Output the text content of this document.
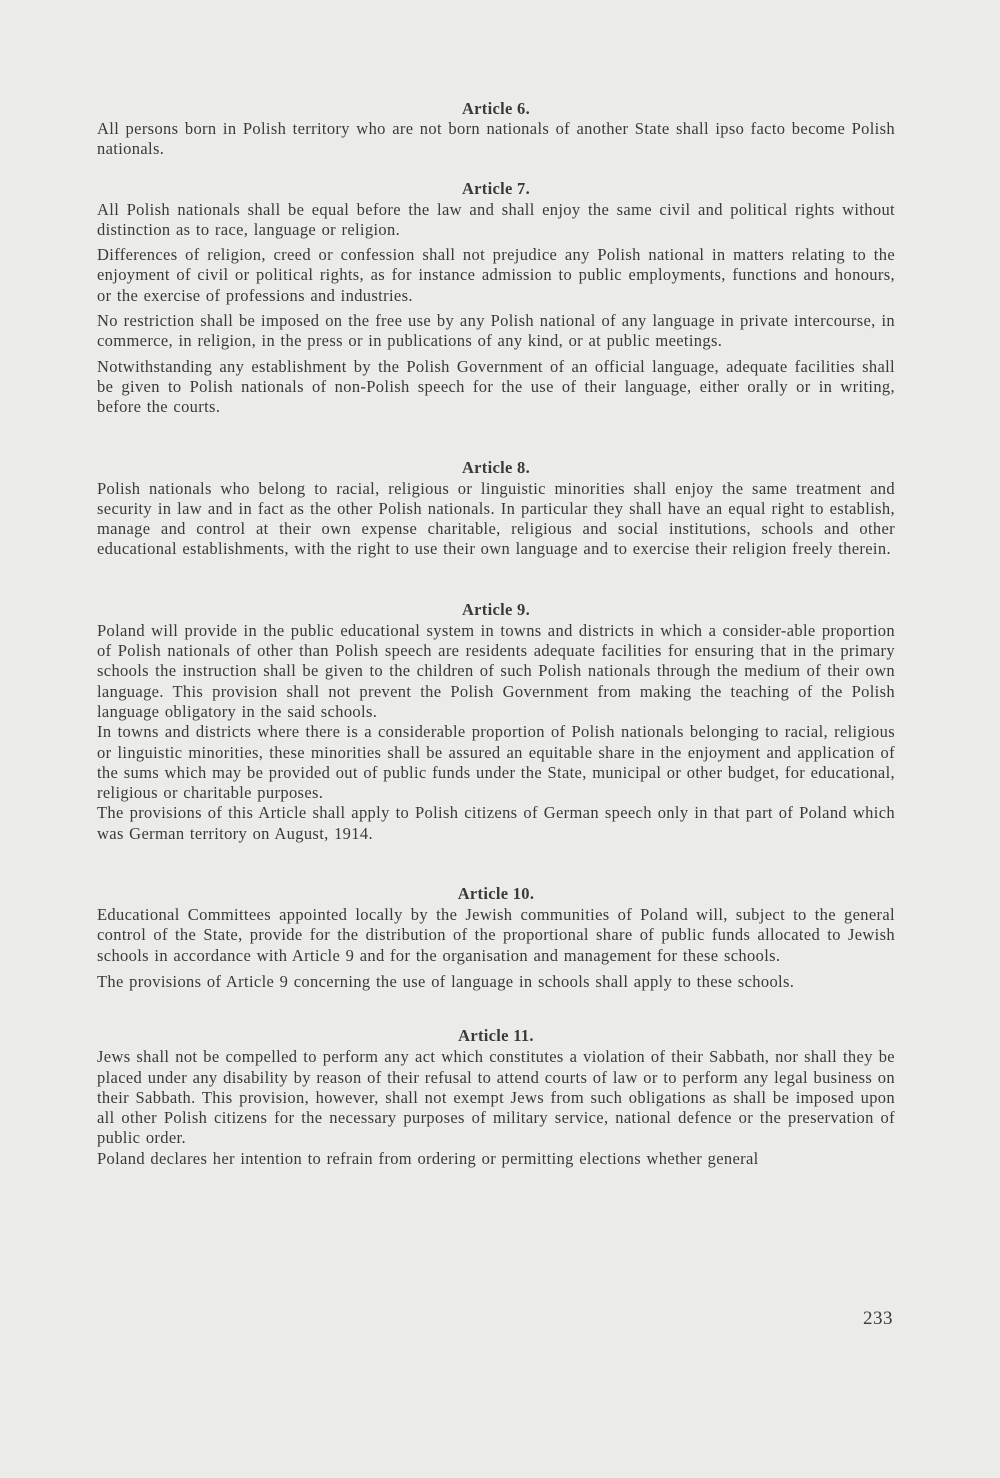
Article 6.

All persons born in Polish territory who are not born nationals of another State shall ipso facto become Polish nationals.

Article 7.

All Polish nationals shall be equal before the law and shall enjoy the same civil and political rights without distinction as to race, language or religion.

Differences of religion, creed or confession shall not prejudice any Polish national in matters relating to the enjoyment of civil or political rights, as for instance admission to public employments, functions and honours, or the exercise of professions and industries.

No restriction shall be imposed on the free use by any Polish national of any language in private intercourse, in commerce, in religion, in the press or in publications of any kind, or at public meetings.

Notwithstanding any establishment by the Polish Government of an official language, adequate facilities shall be given to Polish nationals of non-Polish speech for the use of their language, either orally or in writing, before the courts.

Article 8.

Polish nationals who belong to racial, religious or linguistic minorities shall enjoy the same treatment and security in law and in fact as the other Polish nationals. In particular they shall have an equal right to establish, manage and control at their own expense charitable, religious and social institutions, schools and other educational establishments, with the right to use their own language and to exercise their religion freely therein.

Article 9.

Poland will provide in the public educational system in towns and districts in which a consider-able proportion of Polish nationals of other than Polish speech are residents adequate facilities for ensuring that in the primary schools the instruction shall be given to the children of such Polish nationals through the medium of their own language. This provision shall not prevent the Polish Government from making the teaching of the Polish language obligatory in the said schools.

In towns and districts where there is a considerable proportion of Polish nationals belonging to racial, religious or linguistic minorities, these minorities shall be assured an equitable share in the enjoyment and application of the sums which may be provided out of public funds under the State, municipal or other budget, for educational, religious or charitable purposes.

The provisions of this Article shall apply to Polish citizens of German speech only in that part of Poland which was German territory on August, 1914.

Article 10.

Educational Committees appointed locally by the Jewish communities of Poland will, subject to the general control of the State, provide for the distribution of the proportional share of public funds allocated to Jewish schools in accordance with Article 9 and for the organisation and management for these schools.

The provisions of Article 9 concerning the use of language in schools shall apply to these schools.

Article 11.

Jews shall not be compelled to perform any act which constitutes a violation of their Sabbath, nor shall they be placed under any disability by reason of their refusal to attend courts of law or to perform any legal business on their Sabbath. This provision, however, shall not exempt Jews from such obligations as shall be imposed upon all other Polish citizens for the necessary purposes of military service, national defence or the preservation of public order.

Poland declares her intention to refrain from ordering or permitting elections whether general

233
